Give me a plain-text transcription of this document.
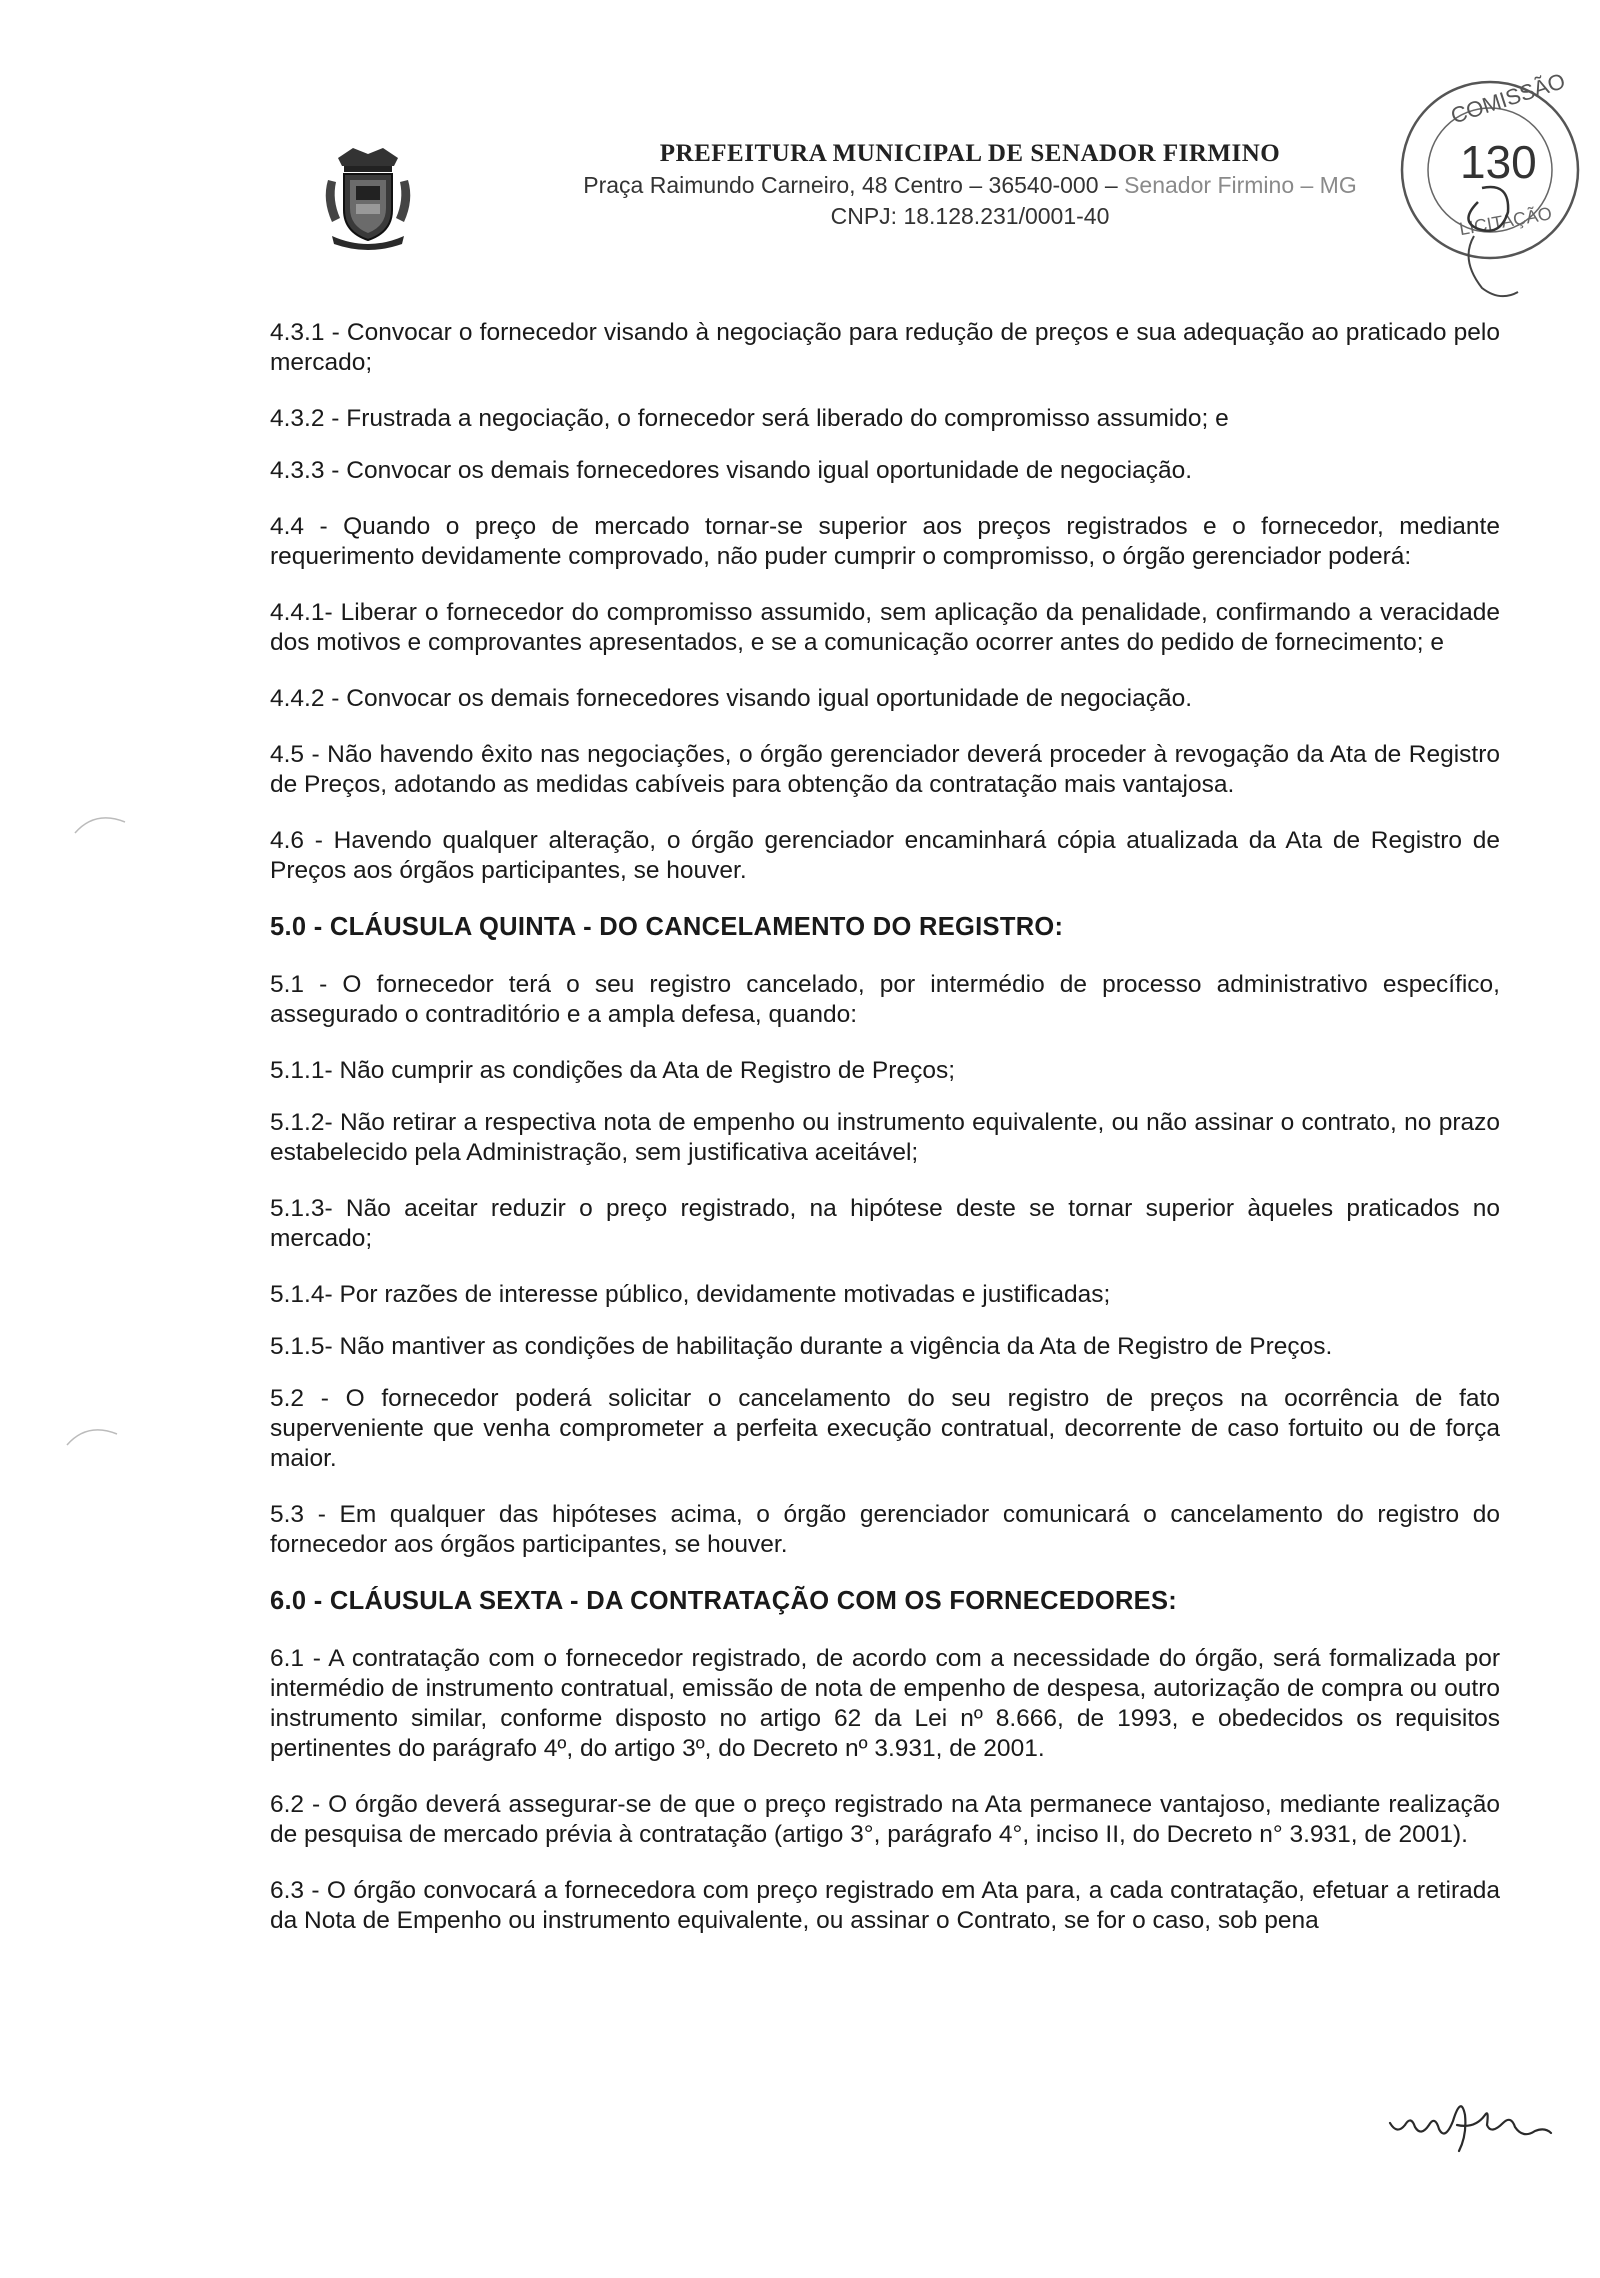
PREFEITURA MUNICIPAL DE SENADOR FIRMINO
Praça Raimundo Carneiro, 48 Centro – 36540-000 – Senador Firmino – MG
CNPJ: 18.128.231/0001-40
COMISSÃO
130
LICITAÇÃO

4.3.1 - Convocar o fornecedor visando à negociação para redução de preços e sua adequação ao praticado pelo mercado;

4.3.2 - Frustrada a negociação, o fornecedor será liberado do compromisso assumido; e

4.3.3 - Convocar os demais fornecedores visando igual oportunidade de negociação.

4.4 - Quando o preço de mercado tornar-se superior aos preços registrados e o fornecedor, mediante requerimento devidamente comprovado, não puder cumprir o compromisso, o órgão gerenciador poderá:

4.4.1- Liberar o fornecedor do compromisso assumido, sem aplicação da penalidade, confirmando a veracidade dos motivos e comprovantes apresentados, e se a comunicação ocorrer antes do pedido de fornecimento; e

4.4.2 - Convocar os demais fornecedores visando igual oportunidade de negociação.

4.5 - Não havendo êxito nas negociações, o órgão gerenciador deverá proceder à revogação da Ata de Registro de Preços, adotando as medidas cabíveis para obtenção da contratação mais vantajosa.

4.6 - Havendo qualquer alteração, o órgão gerenciador encaminhará cópia atualizada da Ata de Registro de Preços aos órgãos participantes, se houver.

5.0 - CLÁUSULA QUINTA - DO CANCELAMENTO DO REGISTRO:

5.1 - O fornecedor terá o seu registro cancelado, por intermédio de processo administrativo específico, assegurado o contraditório e a ampla defesa, quando:

5.1.1- Não cumprir as condições da Ata de Registro de Preços;

5.1.2- Não retirar a respectiva nota de empenho ou instrumento equivalente, ou não assinar o contrato, no prazo estabelecido pela Administração, sem justificativa aceitável;

5.1.3- Não aceitar reduzir o preço registrado, na hipótese deste se tornar superior àqueles praticados no mercado;

5.1.4- Por razões de interesse público, devidamente motivadas e justificadas;

5.1.5- Não mantiver as condições de habilitação durante a vigência da Ata de Registro de Preços.

5.2 - O fornecedor poderá solicitar o cancelamento do seu registro de preços na ocorrência de fato superveniente que venha comprometer a perfeita execução contratual, decorrente de caso fortuito ou de força maior.

5.3 - Em qualquer das hipóteses acima, o órgão gerenciador comunicará o cancelamento do registro do fornecedor aos órgãos participantes, se houver.

6.0 - CLÁUSULA SEXTA - DA CONTRATAÇÃO COM OS FORNECEDORES:

6.1 - A contratação com o fornecedor registrado, de acordo com a necessidade do órgão, será formalizada por intermédio de instrumento contratual, emissão de nota de empenho de despesa, autorização de compra ou outro instrumento similar, conforme disposto no artigo 62 da Lei nº 8.666, de 1993, e obedecidos os requisitos pertinentes do parágrafo 4º, do artigo 3º, do Decreto nº 3.931, de 2001.

6.2 - O órgão deverá assegurar-se de que o preço registrado na Ata permanece vantajoso, mediante realização de pesquisa de mercado prévia à contratação (artigo 3°, parágrafo 4°, inciso II, do Decreto n° 3.931, de 2001).

6.3 - O órgão convocará a fornecedora com preço registrado em Ata para, a cada contratação, efetuar a retirada da Nota de Empenho ou instrumento equivalente, ou assinar o Contrato, se for o caso, sob pena
